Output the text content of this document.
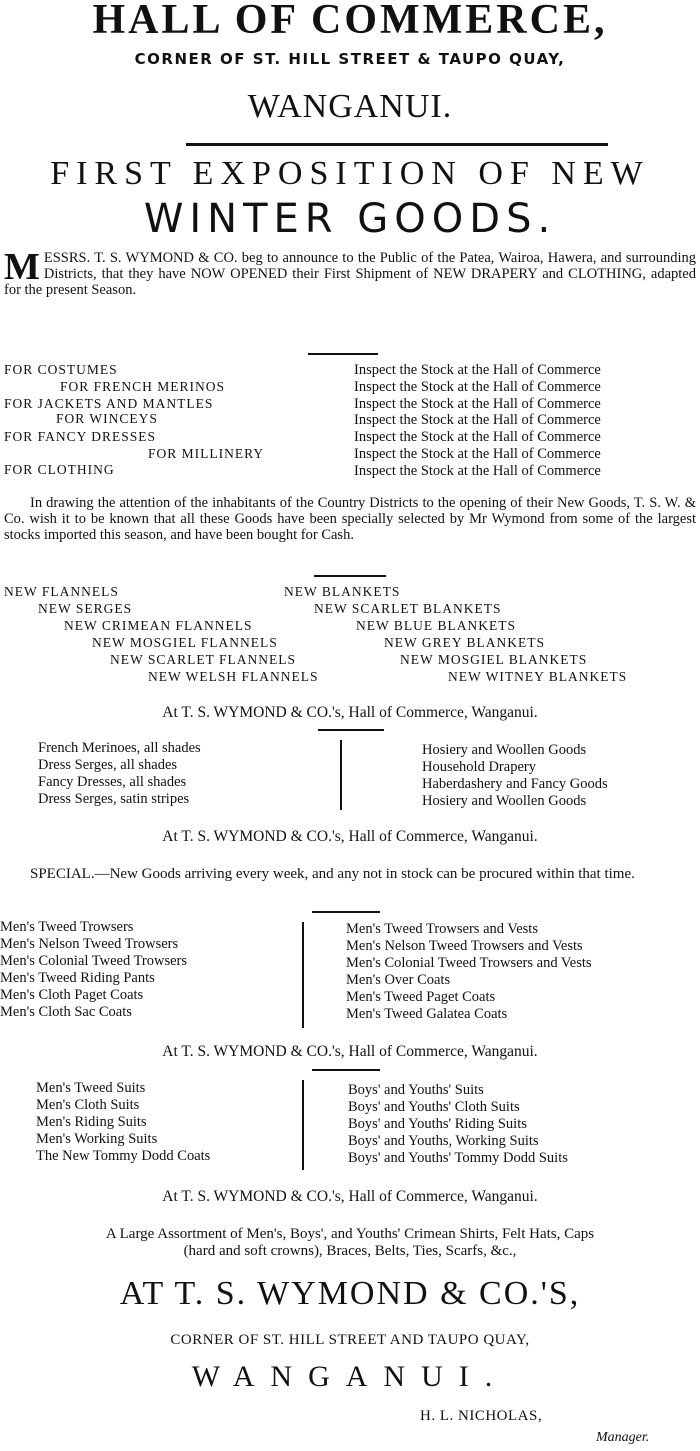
HALL OF COMMERCE,
CORNER OF ST. HILL STREET & TAUPO QUAY,
WANGANUI.
FIRST EXPOSITION OF NEW
WINTER GOODS.
MESSRS. T. S. WYMOND & CO. beg to announce to the Public of the Patea, Wairoa, Hawera, and surrounding Districts, that they have NOW OPENED their First Shipment of NEW DRAPERY and CLOTHING, adapted for the present Season.
FOR COSTUMES
FOR FRENCH MERINOS
FOR JACKETS AND MANTLES
FOR WINCEYS
FOR FANCY DRESSES
FOR MILLINERY
FOR CLOTHING
Inspect the Stock at the Hall of Commerce
Inspect the Stock at the Hall of Commerce
Inspect the Stock at the Hall of Commerce
Inspect the Stock at the Hall of Commerce
Inspect the Stock at the Hall of Commerce
Inspect the Stock at the Hall of Commerce
Inspect the Stock at the Hall of Commerce
In drawing the attention of the inhabitants of the Country Districts to the opening of their New Goods, T. S. W. & Co. wish it to be known that all these Goods have been specially selected by Mr Wymond from some of the largest stocks imported this season, and have been bought for Cash.
NEW FLANNELS
NEW SERGES
NEW CRIMEAN FLANNELS
NEW MOSGIEL FLANNELS
NEW SCARLET FLANNELS
NEW WELSH FLANNELS
NEW BLANKETS
NEW SCARLET BLANKETS
NEW BLUE BLANKETS
NEW GREY BLANKETS
NEW MOSGIEL BLANKETS
NEW WITNEY BLANKETS
At T. S. WYMOND & CO.'s, Hall of Commerce, Wanganui.
French Merinoes, all shades
Dress Serges, all shades
Fancy Dresses, all shades
Dress Serges, satin stripes
Hosiery and Woollen Goods
Household Drapery
Haberdashery and Fancy Goods
Hosiery and Woollen Goods
At T. S. WYMOND & CO.'s, Hall of Commerce, Wanganui.
SPECIAL.—New Goods arriving every week, and any not in stock can be procured within that time.
Men's Tweed Trowsers
Men's Nelson Tweed Trowsers
Men's Colonial Tweed Trowsers
Men's Tweed Riding Pants
Men's Cloth Paget Coats
Men's Cloth Sac Coats
Men's Tweed Trowsers and Vests
Men's Nelson Tweed Trowsers and Vests
Men's Colonial Tweed Trowsers and Vests
Men's Over Coats
Men's Tweed Paget Coats
Men's Tweed Galatea Coats
At T. S. WYMOND & CO.'s, Hall of Commerce, Wanganui.
Men's Tweed Suits
Men's Cloth Suits
Men's Riding Suits
Men's Working Suits
The New Tommy Dodd Coats
Boys' and Youths' Suits
Boys' and Youths' Cloth Suits
Boys' and Youths' Riding Suits
Boys' and Youths, Working Suits
Boys' and Youths' Tommy Dodd Suits
At T. S. WYMOND & CO.'s, Hall of Commerce, Wanganui.
A Large Assortment of Men's, Boys', and Youths' Crimean Shirts, Felt Hats, Caps
(hard and soft crowns), Braces, Belts, Ties, Scarfs, &c.,
AT T. S. WYMOND & CO.'S,
CORNER OF ST. HILL STREET AND TAUPO QUAY,
WANGANUI.
H. L. NICHOLAS,
Manager.
